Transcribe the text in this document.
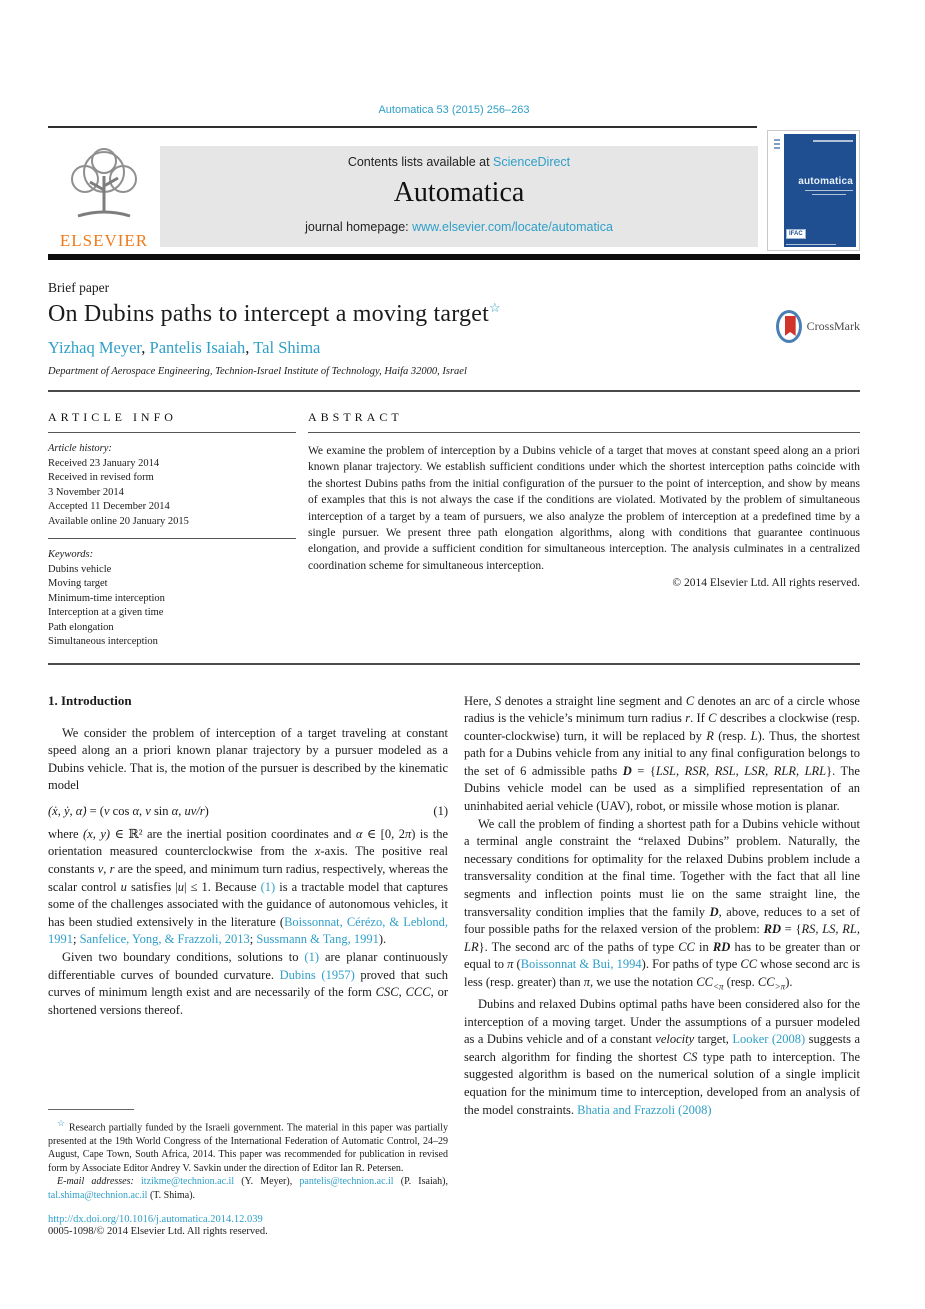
Automatica 53 (2015) 256–263
ELSEVIER
Contents lists available at ScienceDirect
Automatica
journal homepage: www.elsevier.com/locate/automatica
automatica
IFAC
Brief paper
On Dubins paths to intercept a moving target☆
CrossMark
Yizhaq Meyer, Pantelis Isaiah, Tal Shima
Department of Aerospace Engineering, Technion-Israel Institute of Technology, Haifa 32000, Israel
ARTICLE INFO
Article history:
Received 23 January 2014
Received in revised form
3 November 2014
Accepted 11 December 2014
Available online 20 January 2015
Keywords:
Dubins vehicle
Moving target
Minimum-time interception
Interception at a given time
Path elongation
Simultaneous interception
ABSTRACT

We examine the problem of interception by a Dubins vehicle of a target that moves at constant speed along an a priori known planar trajectory. We establish sufficient conditions under which the shortest interception paths coincide with the shortest Dubins paths from the initial configuration of the pursuer to the point of interception, and show by means of examples that this is not always the case if the conditions are violated. Motivated by the problem of simultaneous interception of a target by a team of pursuers, we also analyze the problem of interception at a predefined time by a single pursuer. We present three path elongation algorithms, along with conditions that guarantee continuous elongation, and provide a sufficient condition for simultaneous interception. The analysis culminates in a centralized coordination scheme for simultaneous interception.

© 2014 Elsevier Ltd. All rights reserved.
1. Introduction

We consider the problem of interception of a target traveling at constant speed along an a priori known planar trajectory by a pursuer modeled as a Dubins vehicle. That is, the motion of the pursuer is described by the kinematic model

(ẋ, ẏ, α̇) = (v cos α, v sin α, uv/r)	(1)

where (x, y) ∈ ℝ² are the inertial position coordinates and α ∈ [0, 2π) is the orientation measured counterclockwise from the x-axis. The positive real constants v, r are the speed, and minimum turn radius, respectively, whereas the scalar control u satisfies |u| ≤ 1. Because (1) is a tractable model that captures some of the challenges associated with the guidance of autonomous vehicles, it has been studied extensively in the literature (Boissonnat, Cérézo, & Leblond, 1991; Sanfelice, Yong, & Frazzoli, 2013; Sussmann & Tang, 1991).

Given two boundary conditions, solutions to (1) are planar continuously differentiable curves of bounded curvature. Dubins (1957) proved that such curves of minimum length exist and are necessarily of the form CSC, CCC, or shortened versions thereof.

☆ Research partially funded by the Israeli government. The material in this paper was partially presented at the 19th World Congress of the International Federation of Automatic Control, 24–29 August, Cape Town, South Africa, 2014. This paper was recommended for publication in revised form by Associate Editor Andrey V. Savkin under the direction of Editor Ian R. Petersen.

E-mail addresses: itzikme@technion.ac.il (Y. Meyer), pantelis@technion.ac.il (P. Isaiah), tal.shima@technion.ac.il (T. Shima).

http://dx.doi.org/10.1016/j.automatica.2014.12.039
0005-1098/© 2014 Elsevier Ltd. All rights reserved.

Here, S denotes a straight line segment and C denotes an arc of a circle whose radius is the vehicle’s minimum turn radius r. If C describes a clockwise (resp. counter-clockwise) turn, it will be replaced by R (resp. L). Thus, the shortest path for a Dubins vehicle from any initial to any final configuration belongs to the set of 6 admissible paths D = {LSL, RSR, RSL, LSR, RLR, LRL}. The Dubins vehicle model can be used as a simplified representation of an uninhabited aerial vehicle (UAV), robot, or missile whose motion is planar.

We call the problem of finding a shortest path for a Dubins vehicle without a terminal angle constraint the “relaxed Dubins” problem. Naturally, the necessary conditions for optimality for the relaxed Dubins problem include a transversality condition at the final time. Together with the fact that all line segments and inflection points must lie on the same straight line, the transversality condition implies that the family D, above, reduces to a set of four possible paths for the relaxed version of the problem: RD = {RS, LS, RL, LR}. The second arc of the paths of type CC in RD has to be greater than or equal to π (Boissonnat & Bui, 1994). For paths of type CC whose second arc is less (resp. greater) than π, we use the notation $CC_{<\pi}$ (resp. $CC_{>\pi}$).

Dubins and relaxed Dubins optimal paths have been considered also for the interception of a moving target. Under the assumptions of a pursuer modeled as a Dubins vehicle and of a constant velocity target, Looker (2008) suggests a search algorithm for finding the shortest CS type path to interception. The suggested algorithm is based on the numerical solution of a single implicit equation for the minimum time to interception, developed from an analysis of the model constraints. Bhatia and Frazzoli (2008)
